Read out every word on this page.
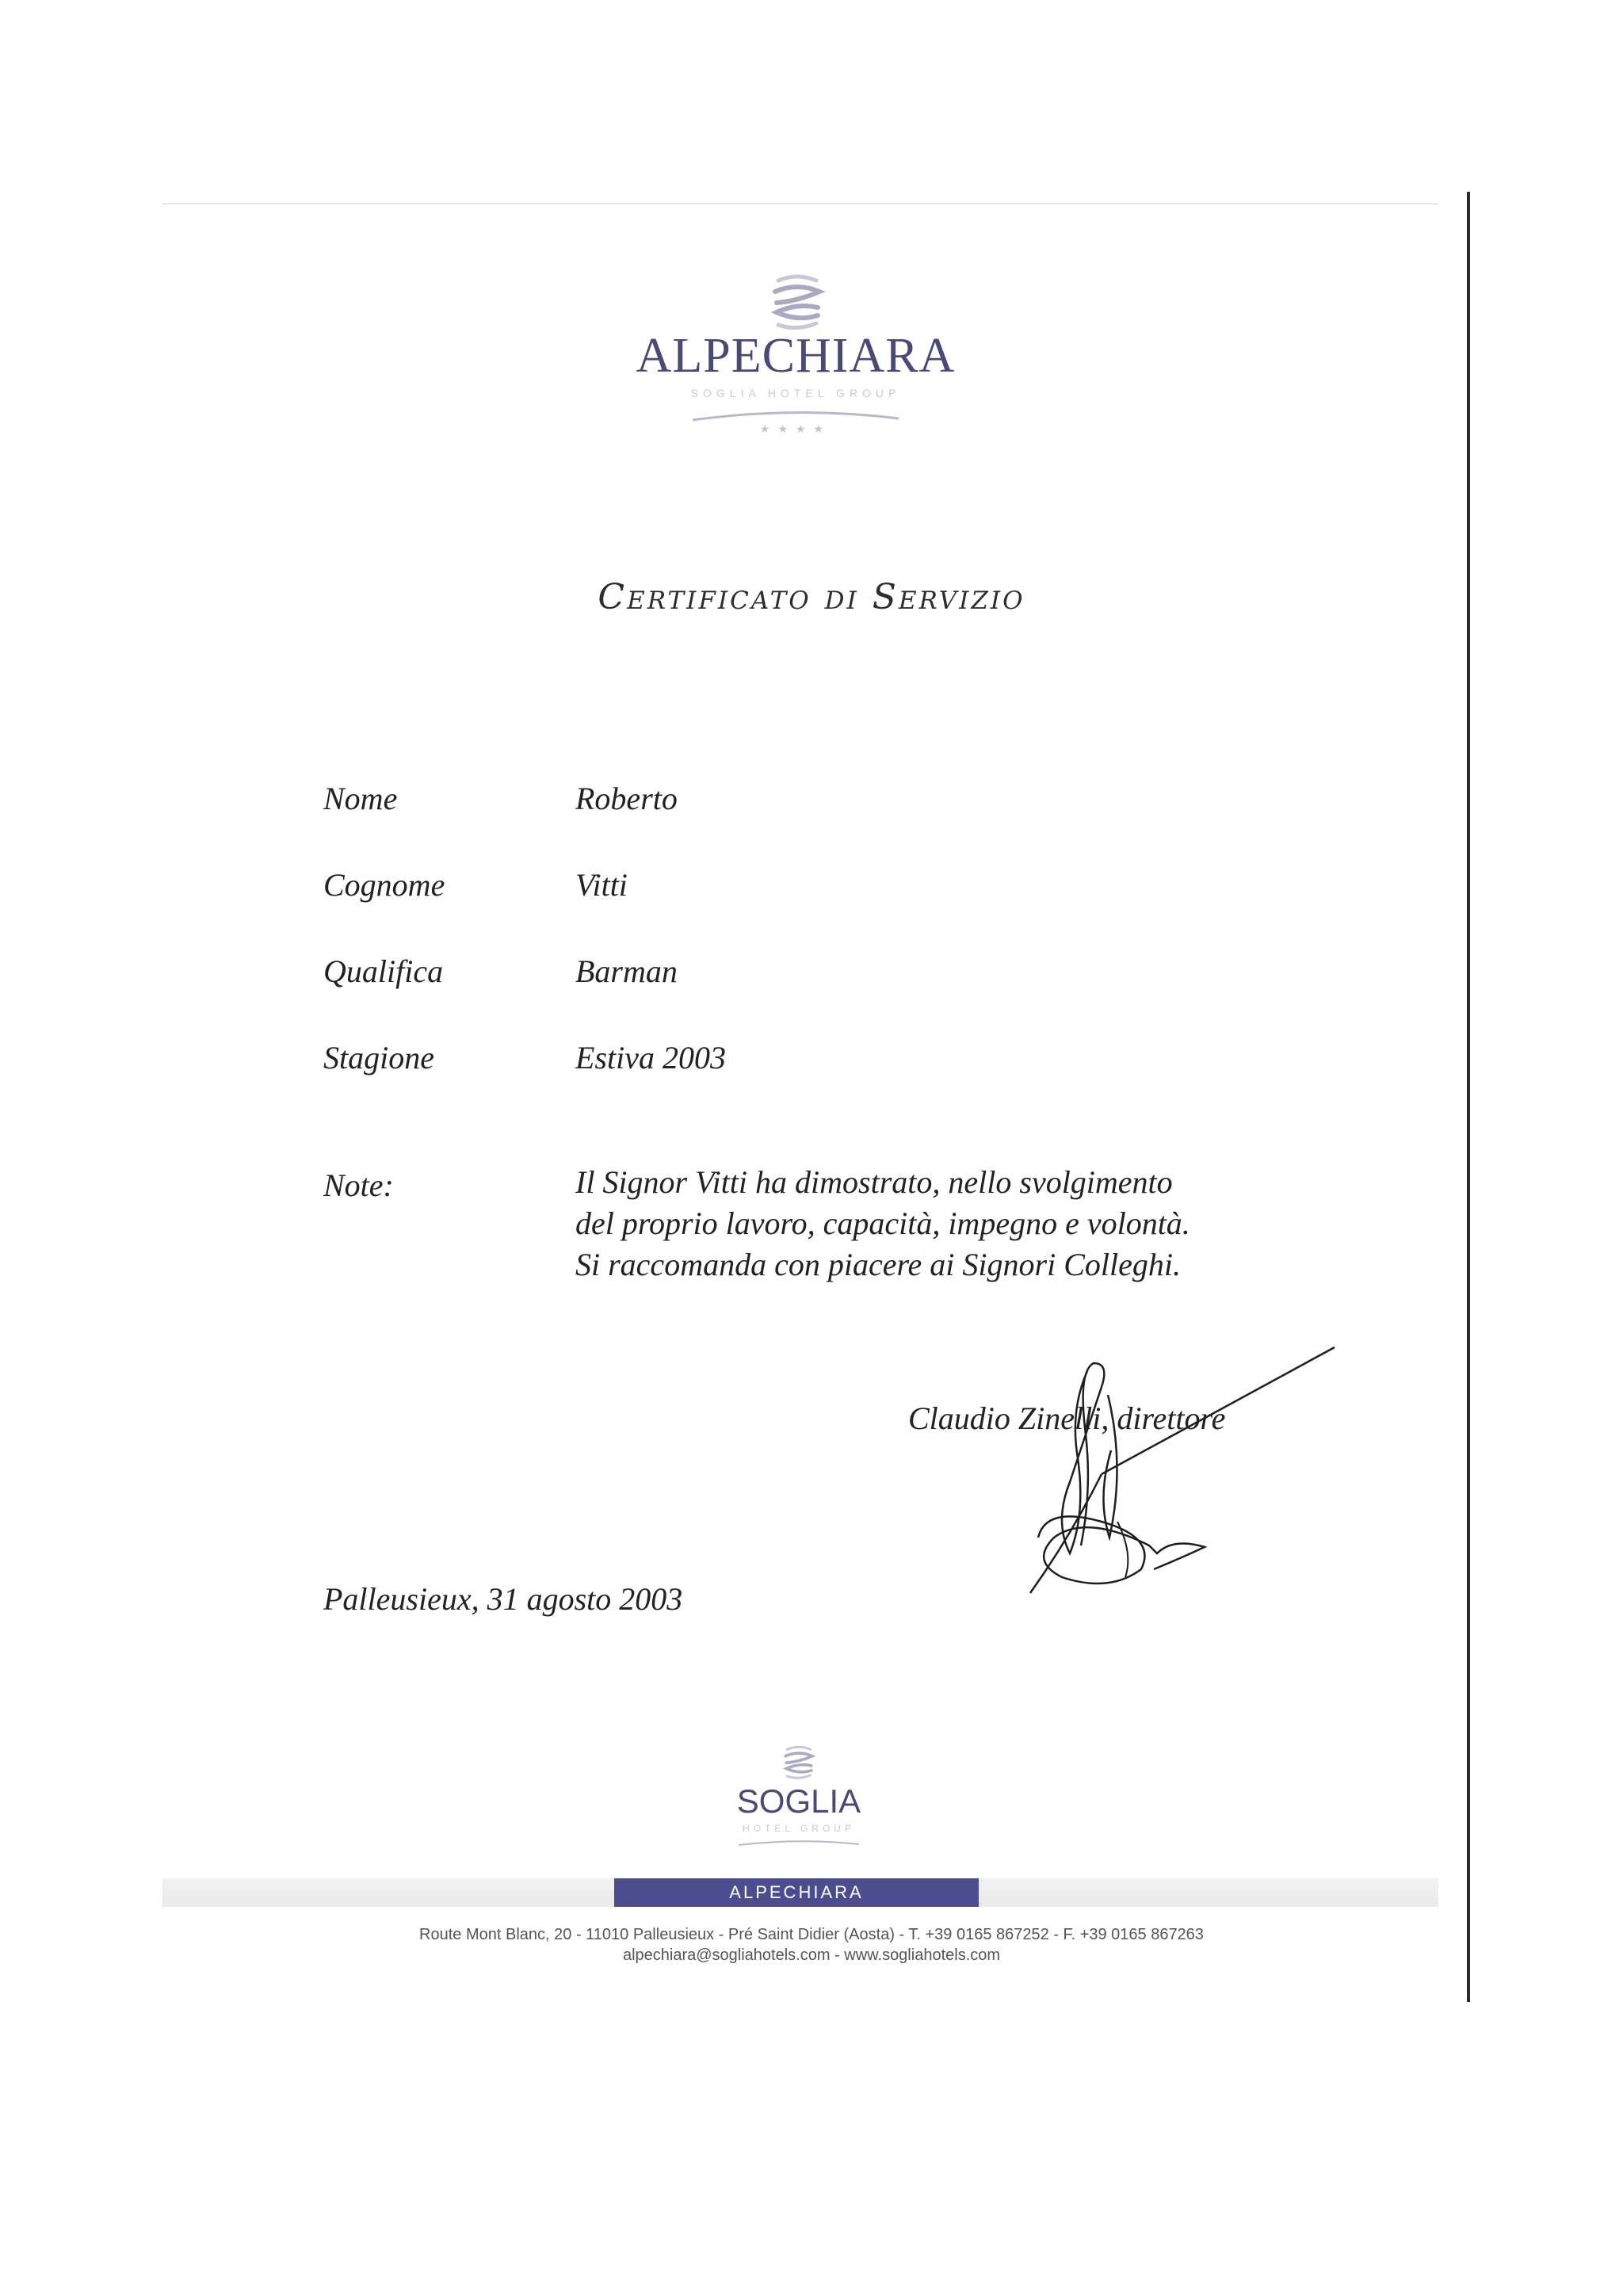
ALPECHIARA
SOGLIA HOTEL GROUP
★★★★
Certificato di Servizio
Nome	Roberto
Cognome	Vitti
Qualifica	Barman
Stagione	Estiva 2003
Note:	Il Signor Vitti ha dimostrato, nello svolgimento
del proprio lavoro, capacità, impegno e volontà.
Si raccomanda con piacere ai Signori Colleghi.
Claudio Zinelli, direttore
Palleusieux, 31 agosto 2003
SOGLIA
HOTEL GROUP
ALPECHIARA
Route Mont Blanc, 20 - 11010 Palleusieux - Pré Saint Didier (Aosta) - T. +39 0165 867252 - F. +39 0165 867263
alpechiara@sogliahotels.com - www.sogliahotels.com
